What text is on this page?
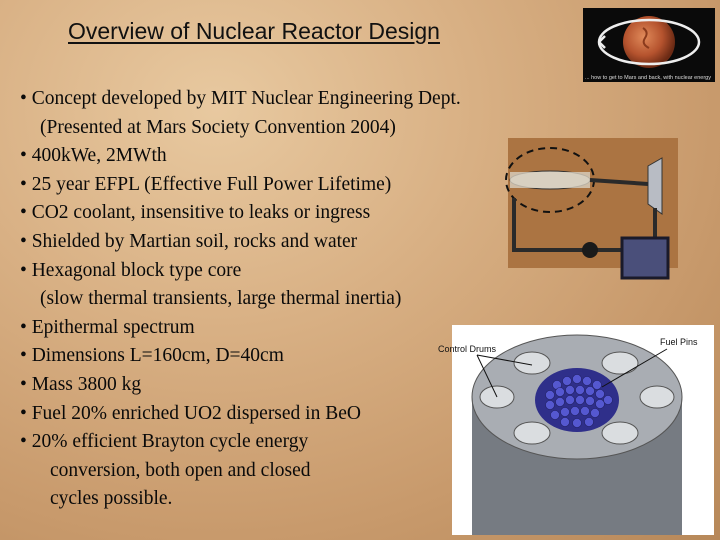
Overview of Nuclear Reactor Design
... how to get to Mars and back, with nuclear energy
Control Drums
Fuel Pins
• Concept developed by MIT Nuclear Engineering Dept.
(Presented at Mars Society Convention 2004)
• 400kWe, 2MWth
• 25 year EFPL (Effective Full Power Lifetime)
• CO2 coolant, insensitive to leaks or ingress
• Shielded by Martian soil, rocks and water
• Hexagonal block type core
(slow thermal transients, large thermal inertia)
• Epithermal spectrum
• Dimensions L=160cm, D=40cm
• Mass 3800 kg
• Fuel 20% enriched UO2 dispersed in BeO
• 20% efficient Brayton cycle energy
conversion, both open and closed
cycles possible.
